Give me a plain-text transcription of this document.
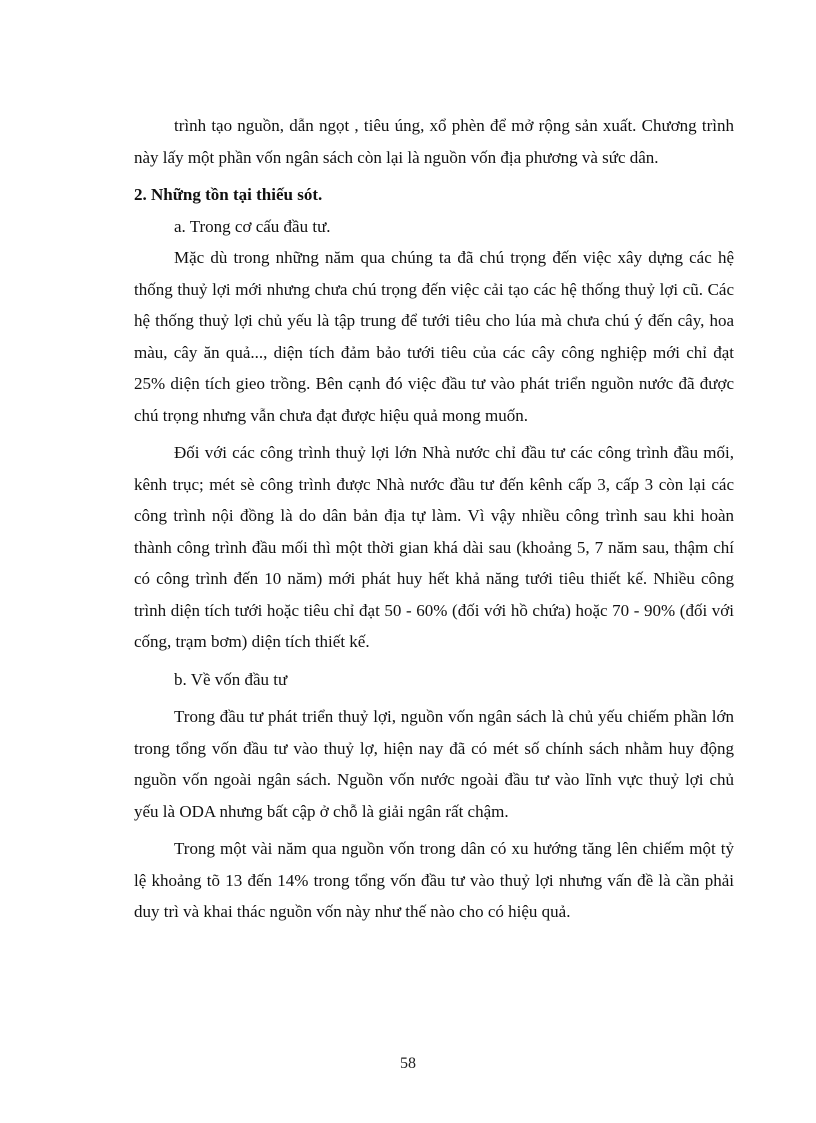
trình tạo nguồn, dẫn ngọt , tiêu úng, xổ phèn để mở rộng sản xuất. Chương trình này lấy một phần vốn ngân sách còn lại là nguồn vốn địa phương và sức dân.

2. Những tồn tại thiếu sót.

a. Trong cơ cấu đầu tư.

Mặc dù trong những năm qua chúng ta đã chú trọng đến việc xây dựng các hệ thống thuỷ lợi mới nhưng chưa chú trọng đến việc cải tạo các hệ thống thuỷ lợi cũ. Các hệ thống thuỷ lợi chủ yếu là tập trung để tưới tiêu cho lúa mà chưa chú ý đến cây, hoa màu, cây ăn quả..., diện tích đảm bảo tưới tiêu của các cây công nghiệp mới chỉ đạt 25% diện tích gieo trồng. Bên cạnh đó việc đầu tư vào phát triển nguồn nước đã được chú trọng nhưng vẫn chưa đạt được hiệu quả mong muốn.

Đối với các công trình thuỷ lợi lớn Nhà nước chỉ đầu tư các công trình đầu mối, kênh trục; mét sè công trình được Nhà nước đầu tư đến kênh cấp 3, cấp 3 còn lại các công trình nội đồng là do dân bản địa tự làm. Vì vậy nhiều công trình sau khi hoàn thành công trình đầu mối thì một thời gian khá dài sau (khoảng 5, 7 năm sau, thậm chí có công trình đến 10 năm) mới phát huy hết khả năng tưới tiêu thiết kế. Nhiều công trình diện tích tưới hoặc tiêu chỉ đạt 50 - 60% (đối với hồ chứa) hoặc 70 - 90% (đối với cống, trạm bơm) diện tích thiết kế.

b. Về vốn đầu tư

Trong đầu tư phát triển thuỷ lợi, nguồn vốn ngân sách là chủ yếu chiếm phần lớn trong tổng vốn đầu tư vào thuỷ lợ, hiện nay đã có mét số chính sách nhằm huy động nguồn vốn ngoài ngân sách. Nguồn vốn nước ngoài đầu tư vào lĩnh vực thuỷ lợi chủ yếu là ODA nhưng bất cập ở chỗ là giải ngân rất chậm.

Trong một vài năm qua nguồn vốn trong dân có xu hướng tăng lên chiếm một tỷ lệ khoảng tõ 13 đến 14% trong tổng vốn đầu tư vào thuỷ lợi nhưng vấn đề là cần phải duy trì và khai thác nguồn vốn này như thế nào cho có hiệu quả.

58
